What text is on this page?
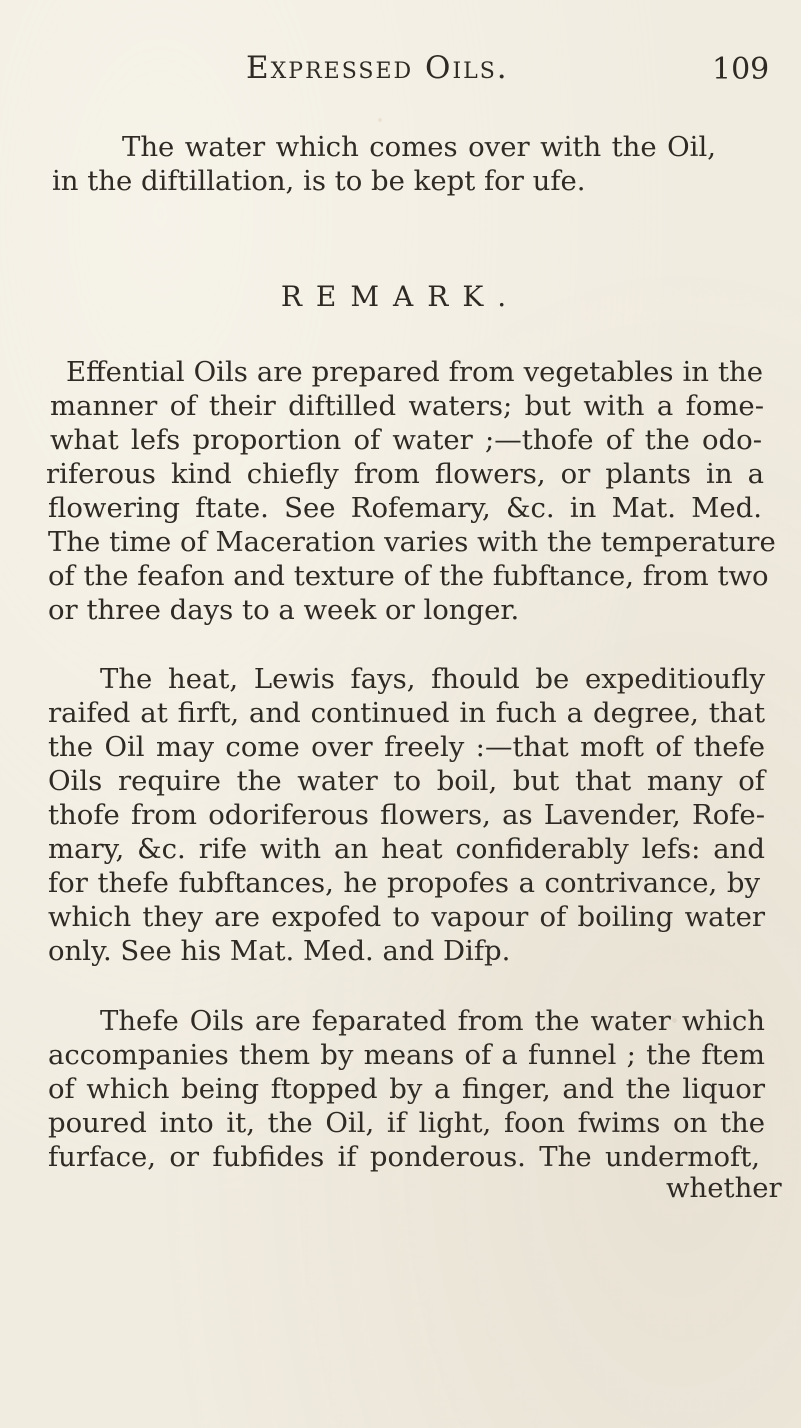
Expressed Oils.	109
The water which comes over with the Oil,
in the diftillation, is to be kept for ufe.
REMARK.
Effential Oils are prepared from vegetables in the
manner of their diftilled waters; but with a fome-
what lefs proportion of water ;—thofe of the odo-
riferous kind chiefly from flowers, or plants in a
flowering ftate. See Rofemary, &c. in Mat. Med.
The time of Maceration varies with the temperature
of the feafon and texture of the fubftance, from two
or three days to a week or longer.
The heat, Lewis fays, fhould be expeditioufly
raifed at firft, and continued in fuch a degree, that
the Oil may come over freely :—that moft of thefe
Oils require the water to boil, but that many of
thofe from odoriferous flowers, as Lavender, Rofe-
mary, &c. rife with an heat confiderably lefs: and
for thefe fubftances, he propofes a contrivance, by
which they are expofed to vapour of boiling water
only. See his Mat. Med. and Difp.
Thefe Oils are feparated from the water which
accompanies them by means of a funnel ; the ftem
of which being ftopped by a finger, and the liquor
poured into it, the Oil, if light, foon fwims on the
furface, or fubfides if ponderous. The undermoft,
whether
